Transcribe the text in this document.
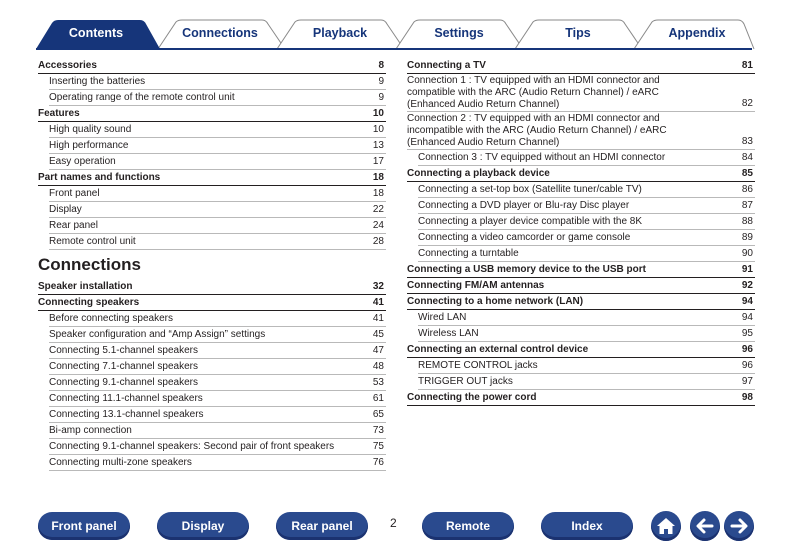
Contents	Connections	Playback	Settings	Tips	Appendix
Accessories	8
Inserting the batteries	9
Operating range of the remote control unit	9
Features	10
High quality sound	10
High performance	13
Easy operation	17
Part names and functions	18
Front panel	18
Display	22
Rear panel	24
Remote control unit	28
Connections
Speaker installation	32
Connecting speakers	41
Before connecting speakers	41
Speaker configuration and “Amp Assign” settings	45
Connecting 5.1-channel speakers	47
Connecting 7.1-channel speakers	48
Connecting 9.1-channel speakers	53
Connecting 11.1-channel speakers	61
Connecting 13.1-channel speakers	65
Bi-amp connection	73
Connecting 9.1-channel speakers: Second pair of front speakers	75
Connecting multi-zone speakers	76
Connecting a TV	81
Connection 1 : TV equipped with an HDMI connector and compatible with the ARC (Audio Return Channel) / eARC (Enhanced Audio Return Channel)	82
Connection 2 : TV equipped with an HDMI connector and incompatible with the ARC (Audio Return Channel) / eARC (Enhanced Audio Return Channel)	83
Connection 3 : TV equipped without an HDMI connector	84
Connecting a playback device	85
Connecting a set-top box (Satellite tuner/cable TV)	86
Connecting a DVD player or Blu-ray Disc player	87
Connecting a player device compatible with the 8K	88
Connecting a video camcorder or game console	89
Connecting a turntable	90
Connecting a USB memory device to the USB port	91
Connecting FM/AM antennas	92
Connecting to a home network (LAN)	94
Wired LAN	94
Wireless LAN	95
Connecting an external control device	96
REMOTE CONTROL jacks	96
TRIGGER OUT jacks	97
Connecting the power cord	98
Front panel	Display	Rear panel	2	Remote	Index
